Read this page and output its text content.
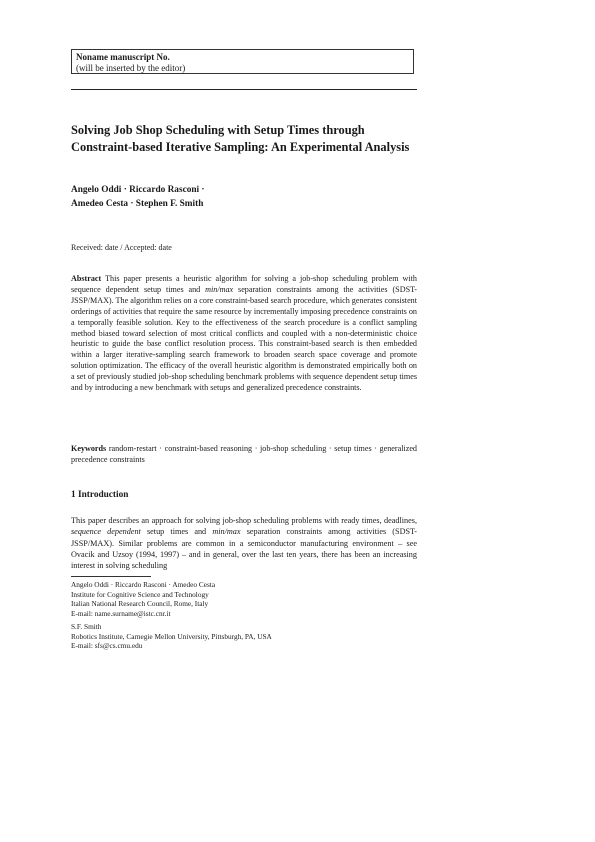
Noname manuscript No.
(will be inserted by the editor)
Solving Job Shop Scheduling with Setup Times through Constraint-based Iterative Sampling: An Experimental Analysis
Angelo Oddi · Riccardo Rasconi ·
Amedeo Cesta · Stephen F. Smith
Received: date / Accepted: date

Abstract This paper presents a heuristic algorithm for solving a job-shop scheduling problem with sequence dependent setup times and min/max separation constraints among the activities (SDST-JSSP/MAX). The algorithm relies on a core constraint-based search procedure, which generates consistent orderings of activities that require the same resource by incrementally imposing precedence constraints on a temporally feasible solution. Key to the effectiveness of the search procedure is a conflict sampling method biased toward selection of most critical conflicts and coupled with a non-deterministic choice heuristic to guide the base conflict resolution process. This constraint-based search is then embedded within a larger iterative-sampling search framework to broaden search space coverage and promote solution optimization. The efficacy of the overall heuristic algorithm is demonstrated empirically both on a set of previously studied job-shop scheduling benchmark problems with sequence dependent setup times and by introducing a new benchmark with setups and generalized precedence constraints.

Keywords random-restart · constraint-based reasoning · job-shop scheduling · setup times · generalized precedence constraints

1 Introduction

This paper describes an approach for solving job-shop scheduling problems with ready times, deadlines, sequence dependent setup times and min/max separation constraints among activities (SDST-JSSP/MAX). Similar problems are common in a semiconductor manufacturing environment – see Ovacik and Uzsoy (1994, 1997) – and in general, over the last ten years, there has been an increasing interest in solving scheduling

Angelo Oddi · Riccardo Rasconi · Amedeo Cesta
Institute for Cognitive Science and Technology
Italian National Research Council, Rome, Italy
E-mail: name.surname@istc.cnr.it
S.F. Smith
Robotics Institute, Carnegie Mellon University, Pittsburgh, PA, USA
E-mail: sfs@cs.cmu.edu
